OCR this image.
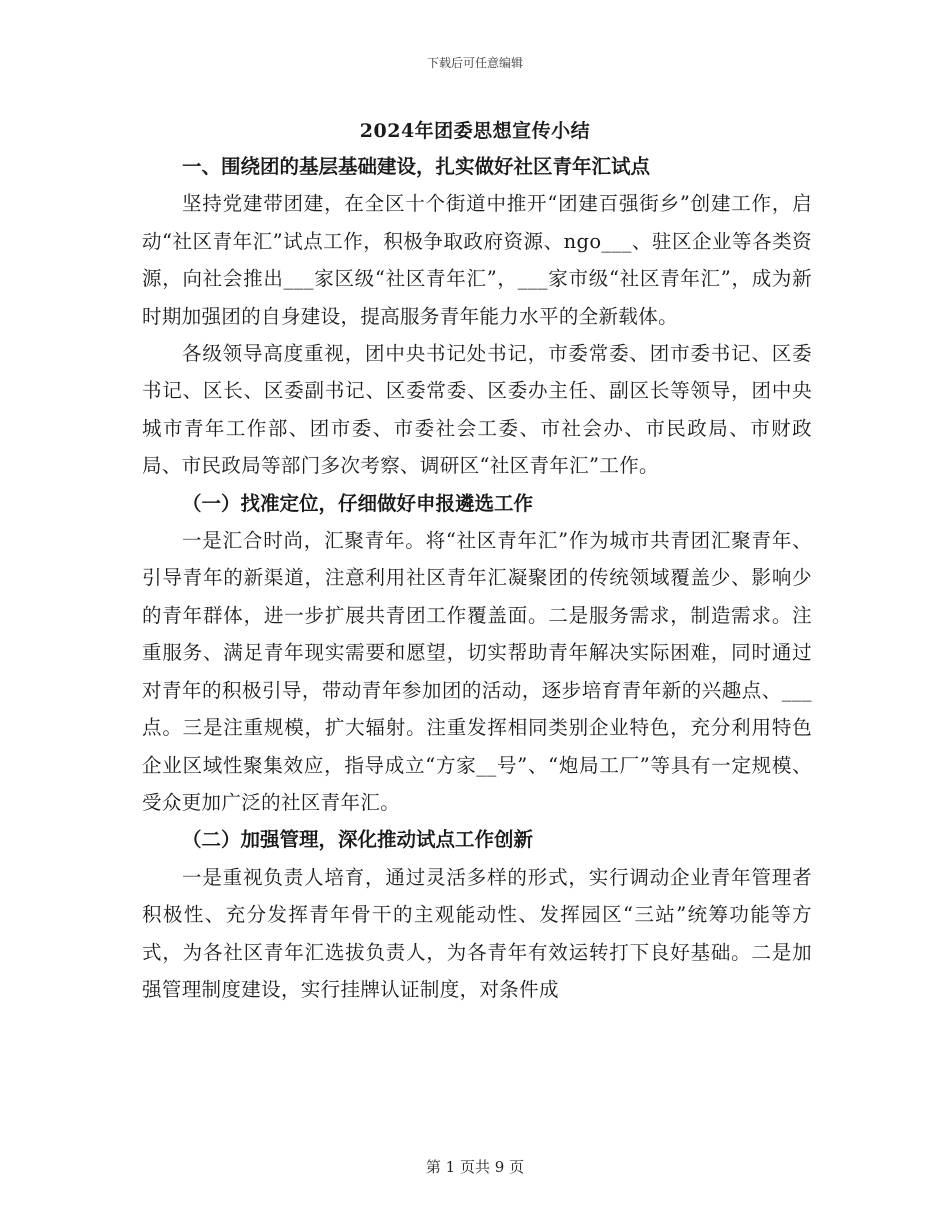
下载后可任意编辑
2024年团委思想宣传小结
一、围绕团的基层基础建设，扎实做好社区青年汇试点

坚持党建带团建，在全区十个街道中推开“团建百强街乡”创建工作，启动“社区青年汇”试点工作，积极争取政府资源、ngo___、驻区企业等各类资源，向社会推出___家区级“社区青年汇”，___家市级“社区青年汇”，成为新时期加强团的自身建设，提高服务青年能力水平的全新载体。

各级领导高度重视，团中央书记处书记，市委常委、团市委书记、区委书记、区长、区委副书记、区委常委、区委办主任、副区长等领导，团中央城市青年工作部、团市委、市委社会工委、市社会办、市民政局、市财政局、市民政局等部门多次考察、调研区“社区青年汇”工作。

（一）找准定位，仔细做好申报遴选工作

一是汇合时尚，汇聚青年。将“社区青年汇”作为城市共青团汇聚青年、引导青年的新渠道，注意利用社区青年汇凝聚团的传统领域覆盖少、影响少的青年群体，进一步扩展共青团工作覆盖面。二是服务需求，制造需求。注重服务、满足青年现实需要和愿望，切实帮助青年解决实际困难，同时通过对青年的积极引导，带动青年参加团的活动，逐步培育青年新的兴趣点、___点。三是注重规模，扩大辐射。注重发挥相同类别企业特色，充分利用特色企业区域性聚集效应，指导成立“方家__号”、“炮局工厂”等具有一定规模、受众更加广泛的社区青年汇。

（二）加强管理，深化推动试点工作创新

一是重视负责人培育，通过灵活多样的形式，实行调动企业青年管理者积极性、充分发挥青年骨干的主观能动性、发挥园区“三站”统筹功能等方式，为各社区青年汇选拔负责人，为各青年有效运转打下良好基础。二是加强管理制度建设，实行挂牌认证制度，对条件成

第 1 页共 9 页
